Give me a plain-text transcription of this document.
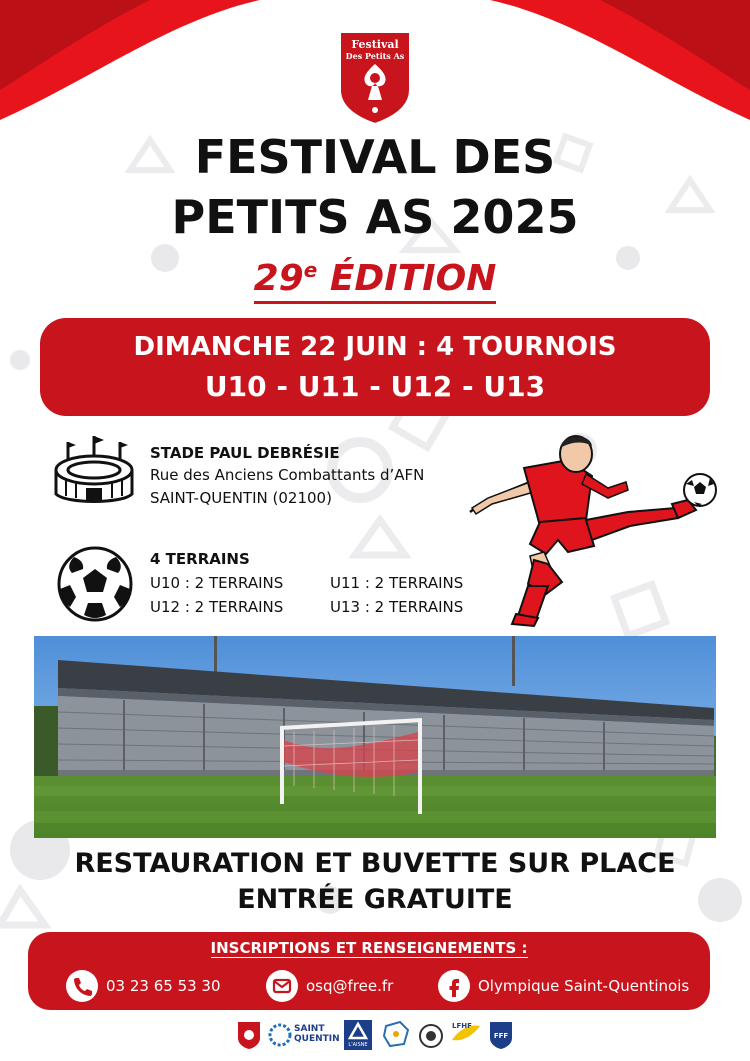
Festival
Des Petits As
FESTIVAL DES
PETITS AS 2025
29e ÉDITION
DIMANCHE 22 JUIN : 4 TOURNOIS
U10 - U11 - U12 - U13
STADE PAUL DEBRÉSIE
Rue des Anciens Combattants d’AFN
SAINT-QUENTIN (02100)
4 TERRAINS
U10 : 2 TERRAINS	U11 : 2 TERRAINS
U12 : 2 TERRAINS	U13 : 2 TERRAINS
RESTAURATION ET BUVETTE SUR PLACE
ENTRÉE GRATUITE
INSCRIPTIONS ET RENSEIGNEMENTS :
03 23 65 53 30	osq@free.fr	Olympique Saint-Quentinois
SAINT
QUENTIN
L'AISNE
LFHF
FFF
